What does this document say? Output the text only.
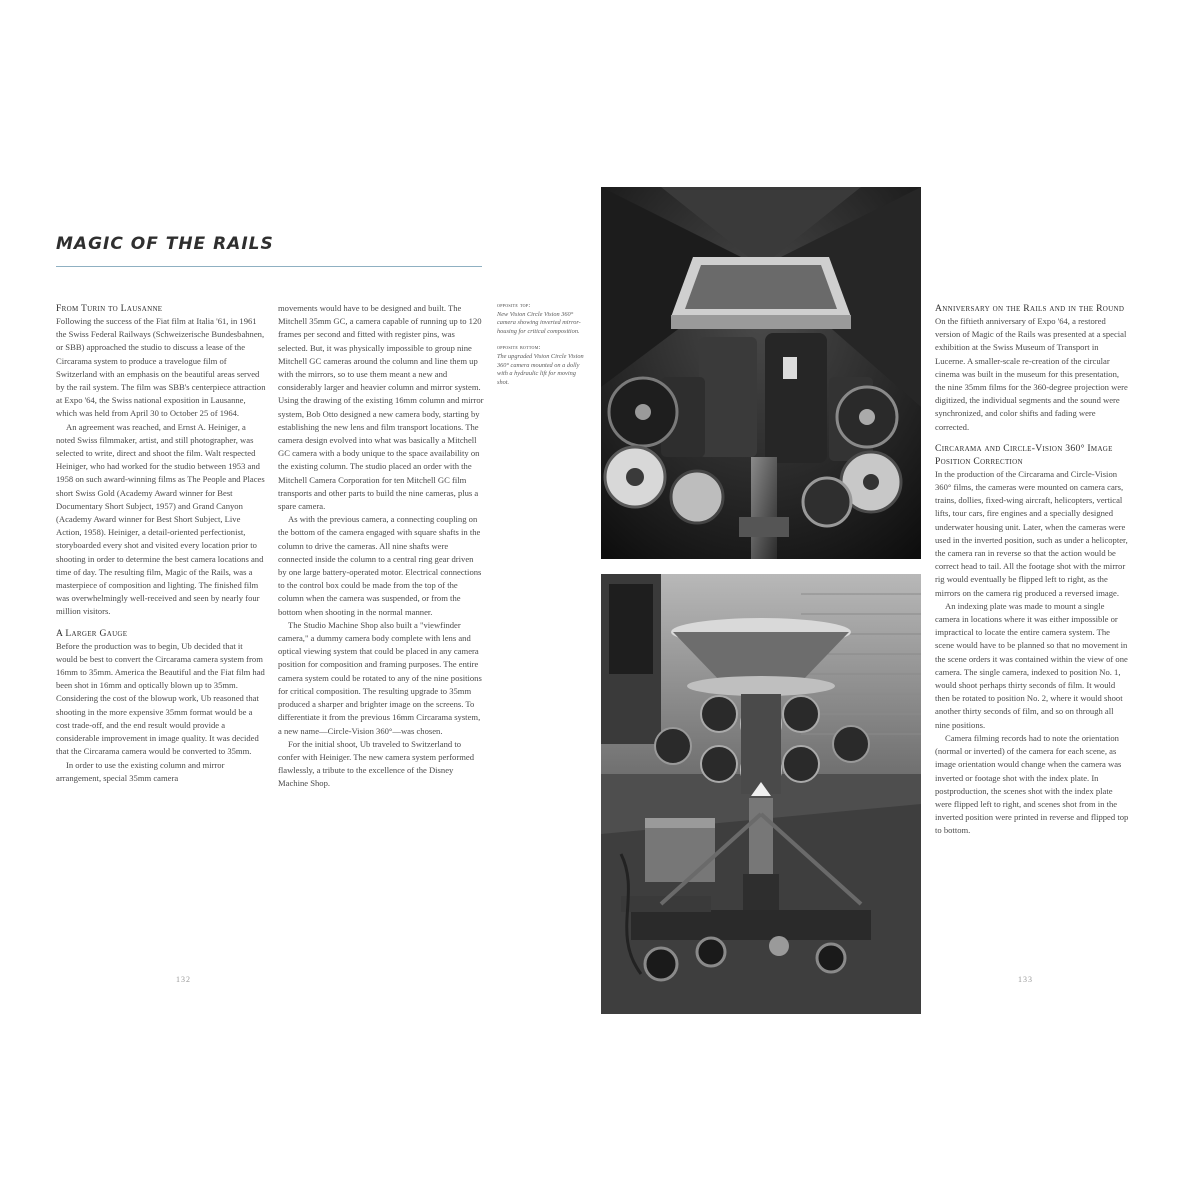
MAGIC OF THE RAILS
From Turin to Lausanne

Following the success of the Fiat film at Italia '61, in 1961 the Swiss Federal Railways (Schweizerische Bundesbahnen, or SBB) approached the studio to discuss a lease of the Circarama system to produce a travelogue film of Switzerland with an emphasis on the beautiful areas served by the rail system. The film was SBB's centerpiece attraction at Expo '64, the Swiss national exposition in Lausanne, which was held from April 30 to October 25 of 1964.

An agreement was reached, and Ernst A. Heiniger, a noted Swiss filmmaker, artist, and still photographer, was selected to write, direct and shoot the film. Walt respected Heiniger, who had worked for the studio between 1953 and 1958 on such award-winning films as The People and Places short Swiss Gold (Academy Award winner for Best Documentary Short Subject, 1957) and Grand Canyon (Academy Award winner for Best Short Subject, Live Action, 1958). Heiniger, a detail-oriented perfectionist, storyboarded every shot and visited every location prior to shooting in order to determine the best camera locations and time of day. The resulting film, Magic of the Rails, was a masterpiece of composition and lighting. The finished film was overwhelmingly well-received and seen by nearly four million visitors.

A Larger Gauge

Before the production was to begin, Ub decided that it would be best to convert the Circarama camera system from 16mm to 35mm. America the Beautiful and the Fiat film had been shot in 16mm and optically blown up to 35mm. Considering the cost of the blowup work, Ub reasoned that shooting in the more expensive 35mm format would be a cost trade-off, and the end result would provide a considerable improvement in image quality. It was decided that the Circarama camera would be converted to 35mm.

In order to use the existing column and mirror arrangement, special 35mm camera

movements would have to be designed and built. The Mitchell 35mm GC, a camera capable of running up to 120 frames per second and fitted with register pins, was selected. But, it was physically impossible to group nine Mitchell GC cameras around the column and line them up with the mirrors, so to use them meant a new and considerably larger and heavier column and mirror system. Using the drawing of the existing 16mm column and mirror system, Bob Otto designed a new camera body, starting by establishing the new lens and film transport locations. The camera design evolved into what was basically a Mitchell GC camera with a body unique to the space availability on the existing column. The studio placed an order with the Mitchell Camera Corporation for ten Mitchell GC film transports and other parts to build the nine cameras, plus a spare camera.

As with the previous camera, a connecting coupling on the bottom of the camera engaged with square shafts in the column to drive the cameras. All nine shafts were connected inside the column to a central ring gear driven by one large battery-operated motor. Electrical connections to the control box could be made from the top of the column when the camera was suspended, or from the bottom when shooting in the normal manner.

The Studio Machine Shop also built a "viewfinder camera," a dummy camera body complete with lens and optical viewing system that could be placed in any camera position for composition and framing purposes. The entire camera system could be rotated to any of the nine positions for critical composition. The resulting upgrade to 35mm produced a sharper and brighter image on the screens. To differentiate it from the previous 16mm Circarama system, a new name—Circle-Vision 360°—was chosen.

For the initial shoot, Ub traveled to Switzerland to confer with Heiniger. The new camera system performed flawlessly, a tribute to the excellence of the Disney Machine Shop.

opposite top:
New Vision Circle Vision 360° camera showing inverted mirror-housing for critical composition.
opposite bottom:
The upgraded Vision Circle Vision 360° camera mounted on a dolly with a hydraulic lift for moving shot.
132
Anniversary on the Rails and in the Round

On the fiftieth anniversary of Expo '64, a restored version of Magic of the Rails was presented at a special exhibition at the Swiss Museum of Transport in Lucerne. A smaller-scale re-creation of the circular cinema was built in the museum for this presentation, the nine 35mm films for the 360-degree projection were digitized, the individual segments and the sound were synchronized, and color shifts and fading were corrected.

Circarama and Circle-Vision 360° Image Position Correction

In the production of the Circarama and Circle-Vision 360° films, the cameras were mounted on camera cars, trains, dollies, fixed-wing aircraft, helicopters, vertical lifts, tour cars, fire engines and a specially designed underwater housing unit. Later, when the cameras were used in the inverted position, such as under a helicopter, the camera ran in reverse so that the action would be correct head to tail. All the footage shot with the mirror rig would eventually be flipped left to right, as the mirrors on the camera rig produced a reversed image.

An indexing plate was made to mount a single camera in locations where it was either impossible or impractical to locate the entire camera system. The scene would have to be planned so that no movement in the scene orders it was contained within the view of one camera. The single camera, indexed to position No. 1, would shoot perhaps thirty seconds of film. It would then be rotated to position No. 2, where it would shoot another thirty seconds of film, and so on through all nine positions.

Camera filming records had to note the orientation (normal or inverted) of the camera for each scene, as image orientation would change when the camera was inverted or footage shot with the index plate. In postproduction, the scenes shot with the index plate were flipped left to right, and scenes shot from in the inverted position were printed in reverse and flipped top to bottom.

133
